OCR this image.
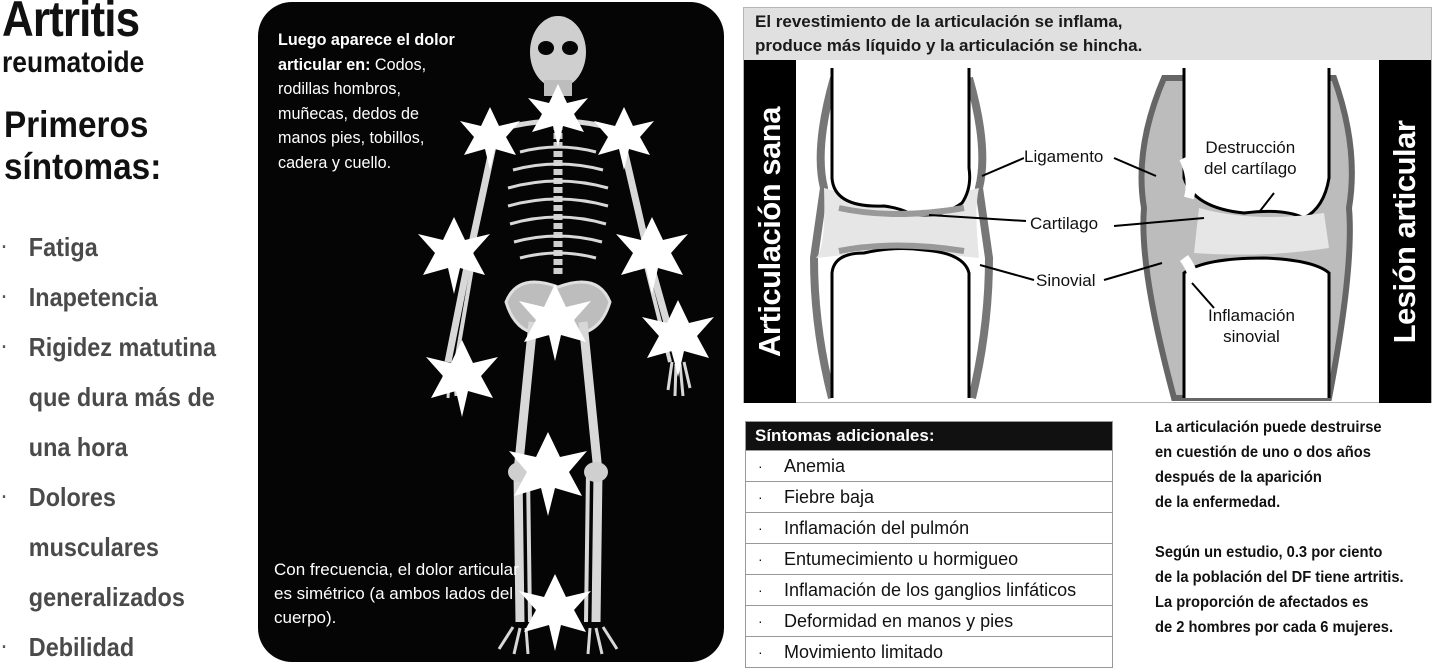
Artritis
reumatoide
Primeros
síntomas:
· Fatiga
· Inapetencia
· Rigidez matutina
que dura más de
una hora
· Dolores
musculares
generalizados
· Debilidad
Luego aparece el dolor articular en: Codos, rodillas hombros, muñecas, dedos de manos pies, tobillos, cadera y cuello.
Con frecuencia, el dolor articular es simétrico (a ambos lados del cuerpo).
El revestimiento de la articulación se inflama,
produce más líquido y la articulación se hincha.
Articulación sana	Lesión articular
Ligamento
Cartilago
Sinovial
Destrucción
del cartílago
Inflamación
sinovial
Síntomas adicionales:
· Anemia
· Fiebre baja
· Inflamación del pulmón
· Entumecimiento u hormigueo
· Inflamación de los ganglios linfáticos
· Deformidad en manos y pies
· Movimiento limitado
La articulación puede destruirse
en cuestión de uno o dos años
después de la aparición
de la enfermedad.
Según un estudio, 0.3 por ciento
de la población del DF tiene artritis.
La proporción de afectados es
de 2 hombres por cada 6 mujeres.
